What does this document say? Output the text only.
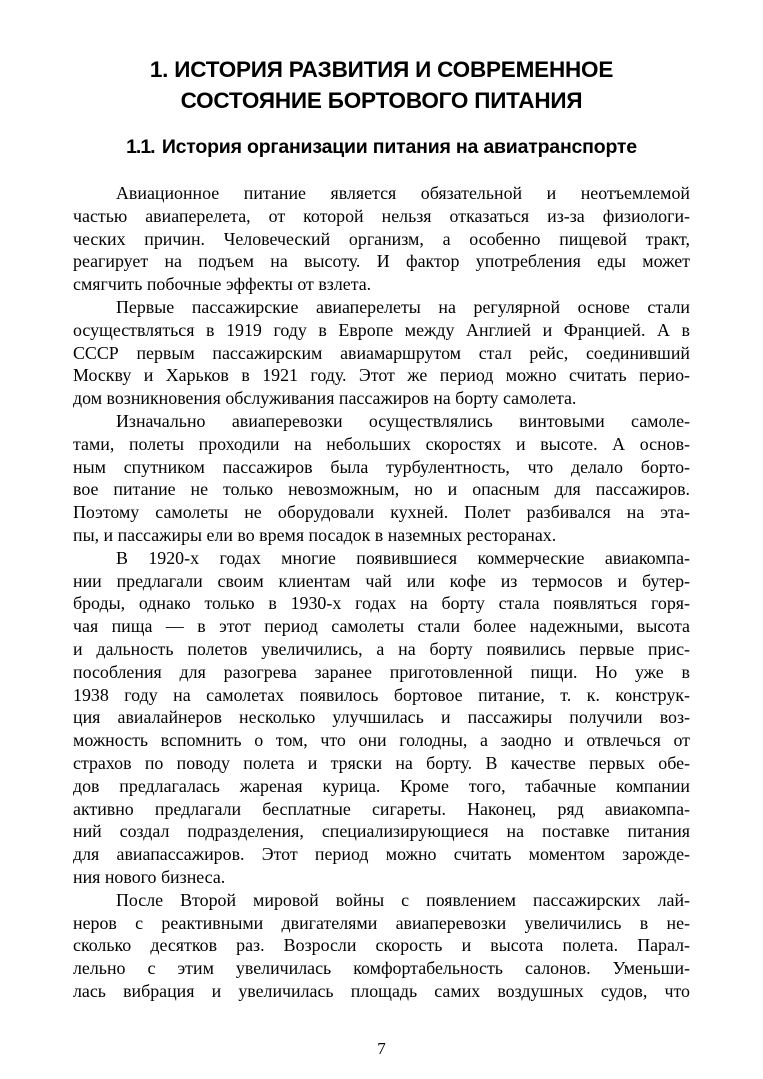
1. ИСТОРИЯ РАЗВИТИЯ И СОВРЕМЕННОЕ
СОСТОЯНИЕ БОРТОВОГО ПИТАНИЯ
1.1. История организации питания на авиатранспорте
Авиационное питание является обязательной и неотъемлемой
частью авиаперелета, от которой нельзя отказаться из-за физиологи-
ческих причин. Человеческий организм, а особенно пищевой тракт,
реагирует на подъем на высоту. И фактор употребления еды может
смягчить побочные эффекты от взлета.
Первые пассажирские авиаперелеты на регулярной основе стали
осуществляться в 1919 году в Европе между Англией и Францией. А в
СССР первым пассажирским авиамаршрутом стал рейс, соединивший
Москву и Харьков в 1921 году. Этот же период можно считать перио-
дом возникновения обслуживания пассажиров на борту самолета.
Изначально авиаперевозки осуществлялись винтовыми самоле-
тами, полеты проходили на небольших скоростях и высоте. А основ-
ным спутником пассажиров была турбулентность, что делало борто-
вое питание не только невозможным, но и опасным для пассажиров.
Поэтому самолеты не оборудовали кухней. Полет разбивался на эта-
пы, и пассажиры ели во время посадок в наземных ресторанах.
В 1920-х годах многие появившиеся коммерческие авиакомпа-
нии предлагали своим клиентам чай или кофе из термосов и бутер-
броды, однако только в 1930-х годах на борту стала появляться горя-
чая пища — в этот период самолеты стали более надежными, высота
и дальность полетов увеличились, а на борту появились первые прис-
пособления для разогрева заранее приготовленной пищи. Но уже в
1938 году на самолетах появилось бортовое питание, т. к. конструк-
ция авиалайнеров несколько улучшилась и пассажиры получили воз-
можность вспомнить о том, что они голодны, а заодно и отвлечься от
страхов по поводу полета и тряски на борту. В качестве первых обе-
дов предлагалась жареная курица. Кроме того, табачные компании
активно предлагали бесплатные сигареты. Наконец, ряд авиакомпа-
ний создал подразделения, специализирующиеся на поставке питания
для авиапассажиров. Этот период можно считать моментом зарожде-
ния нового бизнеса.
После Второй мировой войны с появлением пассажирских лай-
неров с реактивными двигателями авиаперевозки увеличились в не-
сколько десятков раз. Возросли скорость и высота полета. Парал-
лельно с этим увеличилась комфортабельность салонов. Уменьши-
лась вибрация и увеличилась площадь самих воздушных судов, что
7
